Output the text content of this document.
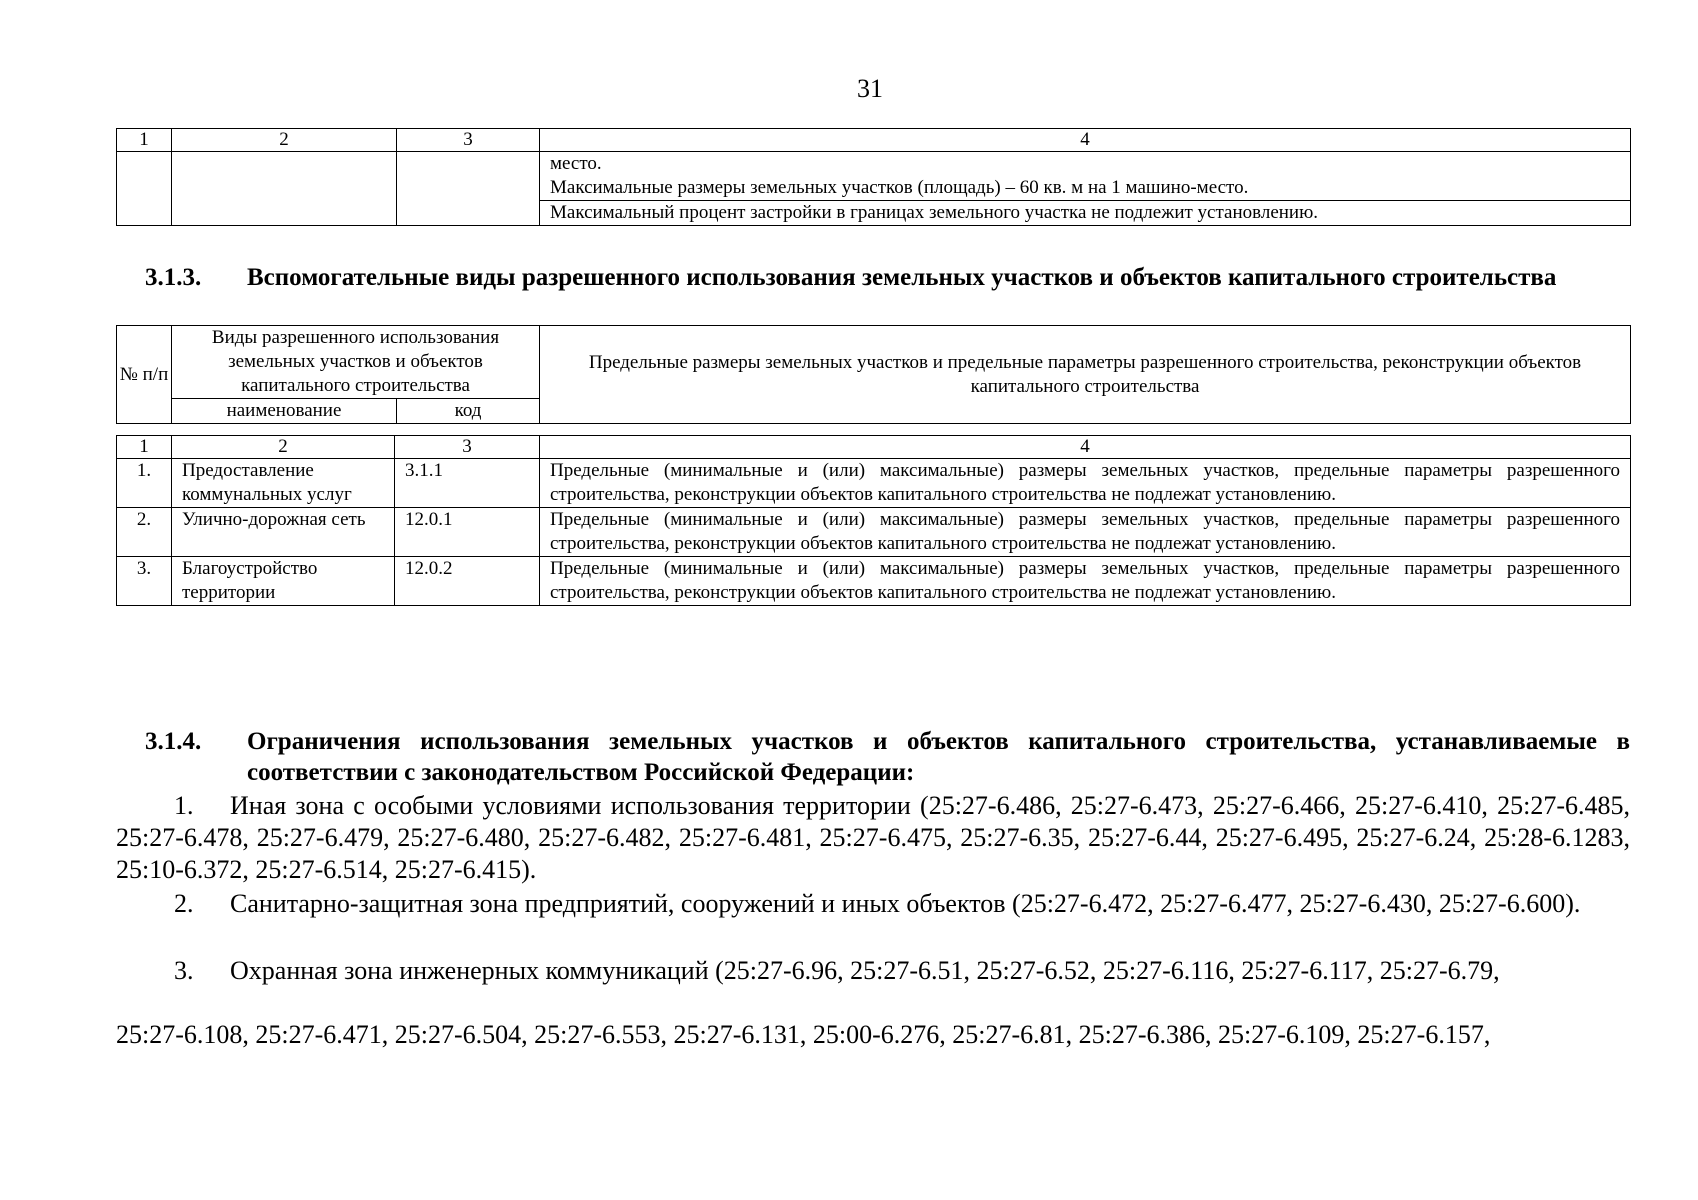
31
1	2	3	4

			место.
Максимальные размеры земельных участков (площадь) – 60 кв. м на 1 машино-место.

			Максимальный процент застройки в границах земельного участка не подлежит установлению.
3.1.3. Вспомогательные виды разрешенного использования земельных участков и объектов капитального строительства
№ п/п	Виды разрешенного использования земельных участков и объектов капитального строительства		Предельные размеры земельных участков и предельные параметры разрешенного строительства, реконструкции объектов капитального строительства
	наименование	код	
1	2	3	4
1.	Предоставление коммунальных услуг	3.1.1	Предельные (минимальные и (или) максимальные) размеры земельных участков, предельные параметры разрешенного строительства, реконструкции объектов капитального строительства не подлежат установлению.
2.	Улично-дорожная сеть	12.0.1	Предельные (минимальные и (или) максимальные) размеры земельных участков, предельные параметры разрешенного строительства, реконструкции объектов капитального строительства не подлежат установлению.
3.	Благоустройство территории	12.0.2	Предельные (минимальные и (или) максимальные) размеры земельных участков, предельные параметры разрешенного строительства, реконструкции объектов капитального строительства не подлежат установлению.
3.1.4. Ограничения использования земельных участков и объектов капитального строительства, устанавливаемые в соответствии с законодательством Российской Федерации:
1. Иная зона с особыми условиями использования территории (25:27-6.486, 25:27-6.473, 25:27-6.466, 25:27-6.410, 25:27-6.485, 25:27-6.478, 25:27-6.479, 25:27-6.480, 25:27-6.482, 25:27-6.481, 25:27-6.475, 25:27-6.35, 25:27-6.44, 25:27-6.495, 25:27-6.24, 25:28-6.1283, 25:10-6.372, 25:27-6.514, 25:27-6.415).
2. Санитарно-защитная зона предприятий, сооружений и иных объектов (25:27-6.472, 25:27-6.477, 25:27-6.430, 25:27-6.600).
3. Охранная зона инженерных коммуникаций (25:27-6.96, 25:27-6.51, 25:27-6.52, 25:27-6.116, 25:27-6.117, 25:27-6.79,
25:27-6.108, 25:27-6.471, 25:27-6.504, 25:27-6.553, 25:27-6.131, 25:00-6.276, 25:27-6.81, 25:27-6.386, 25:27-6.109, 25:27-6.157,
